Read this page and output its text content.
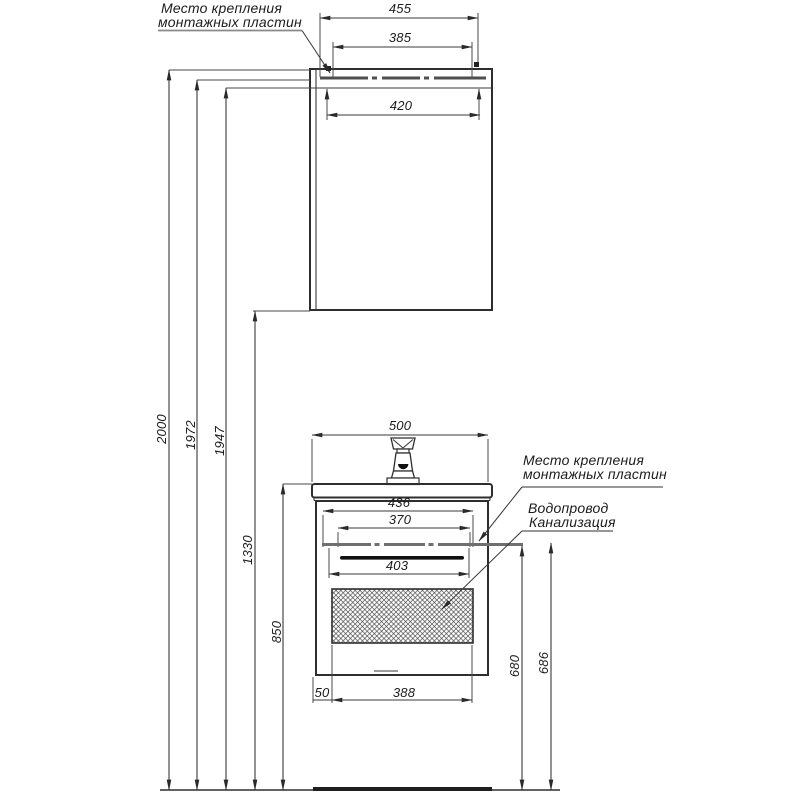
455
385
420
2000 1972 1947
1330
850
500
436
370
403
50	388
680 686
Место крепления
монтажных пластин
Место крепления
монтажных пластин
Водопровод
Канализация
